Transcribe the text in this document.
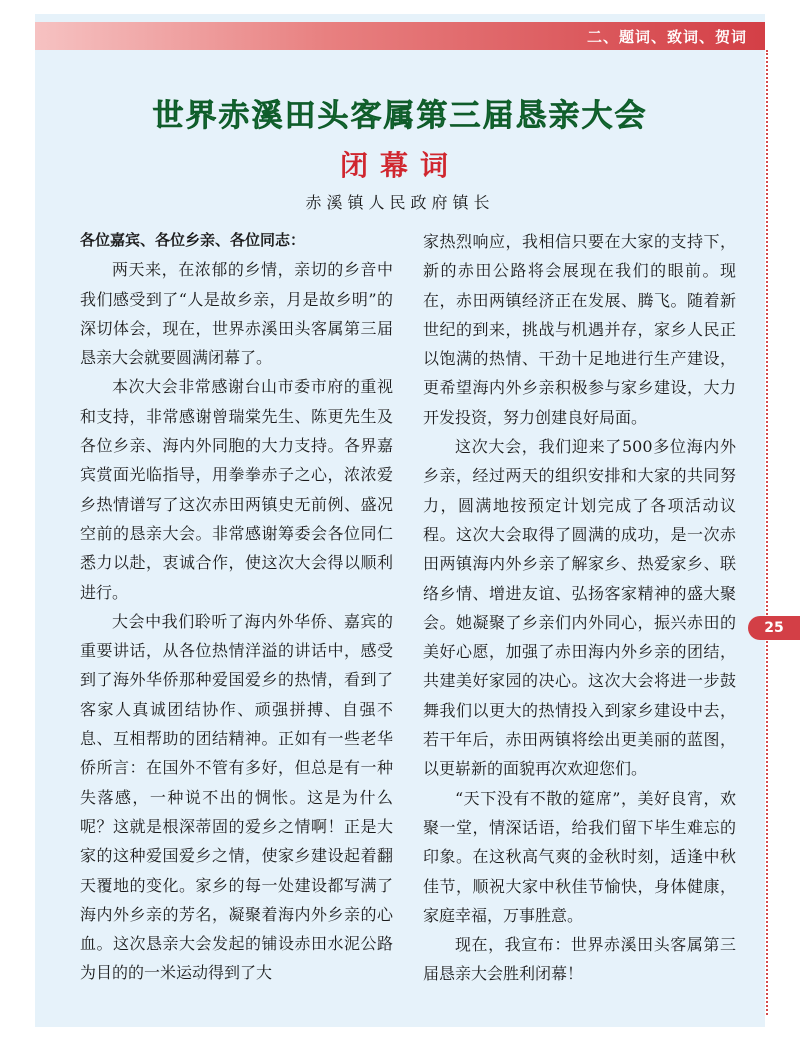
二、题词、致词、贺词
25
世界赤溪田头客属第三届恳亲大会
闭幕词
赤溪镇人民政府镇长

各位嘉宾、各位乡亲、各位同志：

两天来，在浓郁的乡情，亲切的乡音中我们感受到了“人是故乡亲，月是故乡明”的深切体会，现在，世界赤溪田头客属第三届恳亲大会就要圆满闭幕了。

本次大会非常感谢台山市委市府的重视和支持，非常感谢曾瑞棠先生、陈更先生及各位乡亲、海内外同胞的大力支持。各界嘉宾赏面光临指导，用拳拳赤子之心，浓浓爱乡热情谱写了这次赤田两镇史无前例、盛况空前的恳亲大会。非常感谢筹委会各位同仁悉力以赴，衷诚合作，使这次大会得以顺利进行。

大会中我们聆听了海内外华侨、嘉宾的重要讲话，从各位热情洋溢的讲话中，感受到了海外华侨那种爱国爱乡的热情，看到了客家人真诚团结协作、顽强拼搏、自强不息、互相帮助的团结精神。正如有一些老华侨所言：在国外不管有多好，但总是有一种失落感，一种说不出的惆怅。这是为什么呢？这就是根深蒂固的爱乡之情啊！正是大家的这种爱国爱乡之情，使家乡建设起着翻天覆地的变化。家乡的每一处建设都写满了海内外乡亲的芳名，凝聚着海内外乡亲的心血。这次恳亲大会发起的铺设赤田水泥公路为目的的一米运动得到了大

家热烈响应，我相信只要在大家的支持下，新的赤田公路将会展现在我们的眼前。现在，赤田两镇经济正在发展、腾飞。随着新世纪的到来，挑战与机遇并存，家乡人民正以饱满的热情、干劲十足地进行生产建设，更希望海内外乡亲积极参与家乡建设，大力开发投资，努力创建良好局面。

这次大会，我们迎来了500多位海内外乡亲，经过两天的组织安排和大家的共同努力，圆满地按预定计划完成了各项活动议程。这次大会取得了圆满的成功，是一次赤田两镇海内外乡亲了解家乡、热爱家乡、联络乡情、增进友谊、弘扬客家精神的盛大聚会。她凝聚了乡亲们内外同心，振兴赤田的美好心愿，加强了赤田海内外乡亲的团结，共建美好家园的决心。这次大会将进一步鼓舞我们以更大的热情投入到家乡建设中去，若干年后，赤田两镇将绘出更美丽的蓝图，以更崭新的面貌再次欢迎您们。

“天下没有不散的筵席”，美好良宵，欢聚一堂，情深话语，给我们留下毕生难忘的印象。在这秋高气爽的金秋时刻，适逢中秋佳节，顺祝大家中秋佳节愉快，身体健康，家庭幸福，万事胜意。

现在，我宣布：世界赤溪田头客属第三届恳亲大会胜利闭幕！
